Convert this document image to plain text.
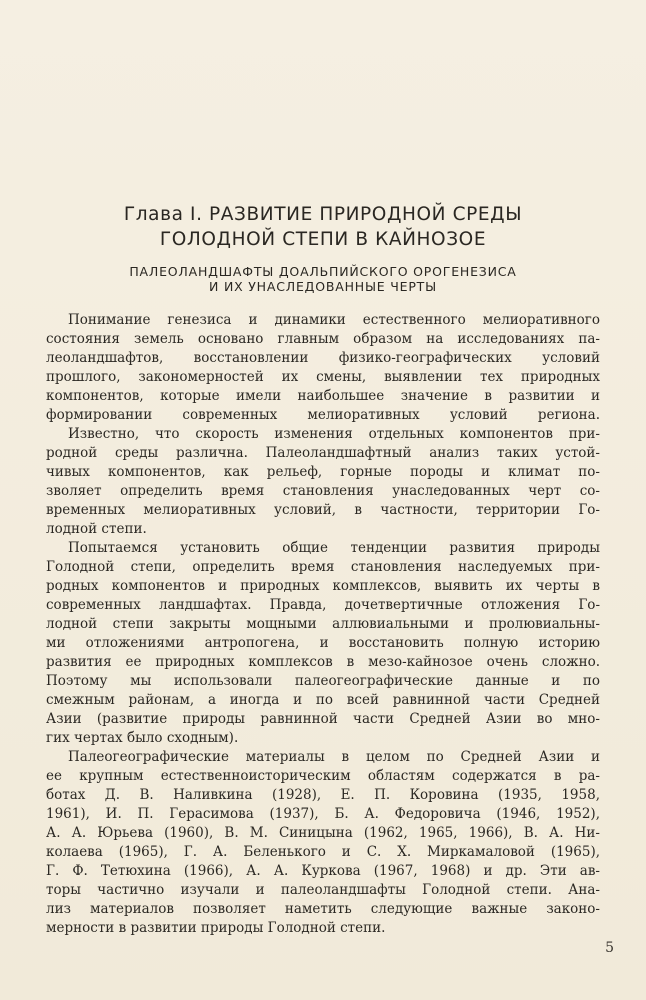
Глава I. РАЗВИТИЕ ПРИРОДНОЙ СРЕДЫ
ГОЛОДНОЙ СТЕПИ В КАЙНОЗОЕ
ПАЛЕОЛАНДШАФТЫ ДОАЛЬПИЙСКОГО ОРОГЕНЕЗИСА
И ИХ УНАСЛЕДОВАННЫЕ ЧЕРТЫ
Понимание генезиса и динамики естественного мелиоративного
состояния земель основано главным образом на исследованиях па-
леоландшафтов, восстановлении физико-географических условий
прошлого, закономерностей их смены, выявлении тех природных
компонентов, которые имели наибольшее значение в развитии и
формировании современных мелиоративных условий региона.
Известно, что скорость изменения отдельных компонентов при-
родной среды различна. Палеоландшафтный анализ таких устой-
чивых компонентов, как рельеф, горные породы и климат по-
зволяет определить время становления унаследованных черт со-
временных мелиоративных условий, в частности, территории Го-
лодной степи.
Попытаемся установить общие тенденции развития природы
Голодной степи, определить время становления наследуемых при-
родных компонентов и природных комплексов, выявить их черты в
современных ландшафтах. Правда, дочетвертичные отложения Го-
лодной степи закрыты мощными аллювиальными и пролювиальны-
ми отложениями антропогена, и восстановить полную историю
развития ее природных комплексов в мезо-кайнозое очень сложно.
Поэтому мы использовали палеогеографические данные и по
смежным районам, а иногда и по всей равнинной части Средней
Азии (развитие природы равнинной части Средней Азии во мно-
гих чертах было сходным).
Палеогеографические материалы в целом по Средней Азии и
ее крупным естественноисторическим областям содержатся в ра-
ботах Д. В. Наливкина (1928), Е. П. Коровина (1935, 1958,
1961), И. П. Герасимова (1937), Б. А. Федоровича (1946, 1952),
А. А. Юрьева (1960), В. М. Синицына (1962, 1965, 1966), В. А. Ни-
колаева (1965), Г. А. Беленького и С. Х. Миркамаловой (1965),
Г. Ф. Тетюхина (1966), А. А. Куркова (1967, 1968) и др. Эти ав-
торы частично изучали и палеоландшафты Голодной степи. Ана-
лиз материалов позволяет наметить следующие важные законо-
мерности в развитии природы Голодной степи.
5
